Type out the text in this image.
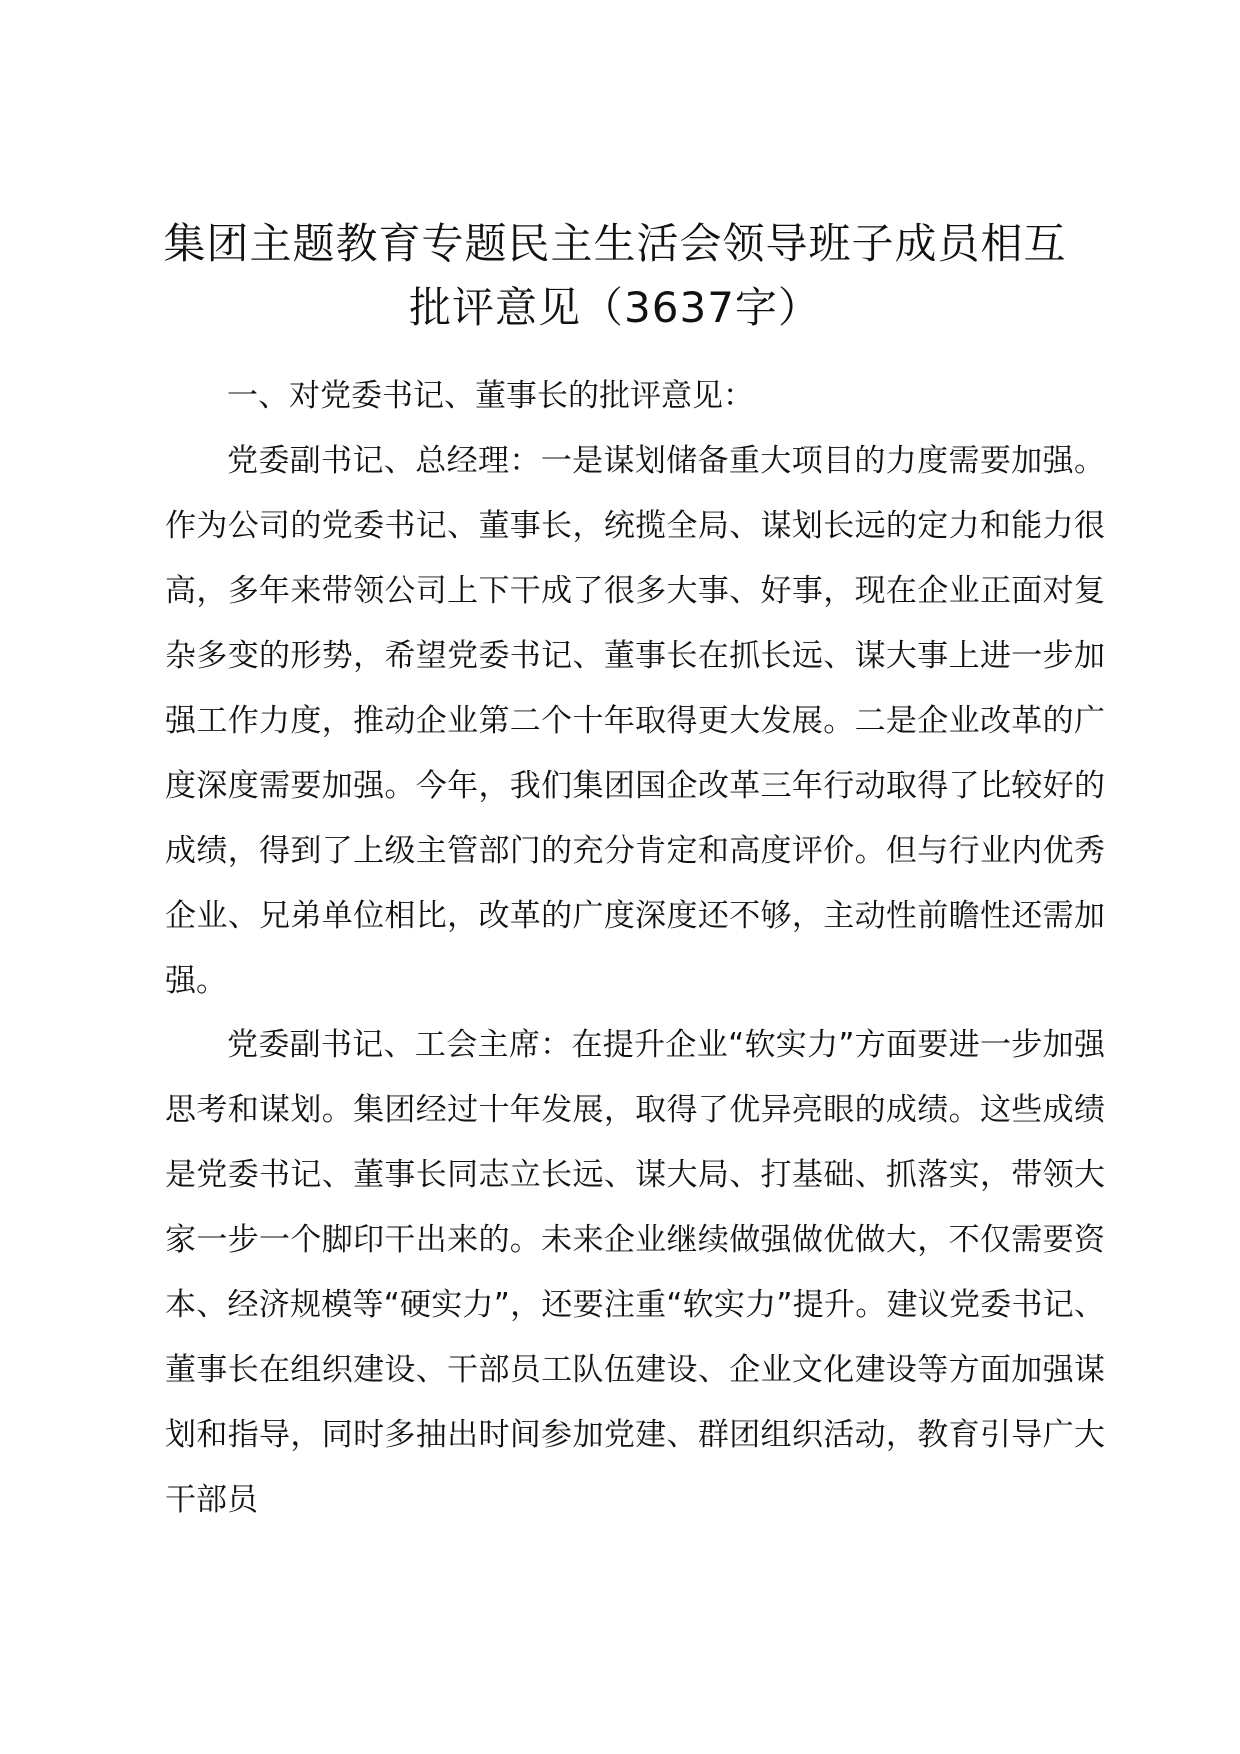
集团主题教育专题民主生活会领导班子成员相互批评意见（3637字）

一、对党委书记、董事长的批评意见：

党委副书记、总经理：一是谋划储备重大项目的力度需要加强。作为公司的党委书记、董事长，统揽全局、谋划长远的定力和能力很高，多年来带领公司上下干成了很多大事、好事，现在企业正面对复杂多变的形势，希望党委书记、董事长在抓长远、谋大事上进一步加强工作力度，推动企业第二个十年取得更大发展。二是企业改革的广度深度需要加强。今年，我们集团国企改革三年行动取得了比较好的成绩，得到了上级主管部门的充分肯定和高度评价。但与行业内优秀企业、兄弟单位相比，改革的广度深度还不够，主动性前瞻性还需加强。

党委副书记、工会主席：在提升企业“软实力”方面要进一步加强思考和谋划。集团经过十年发展，取得了优异亮眼的成绩。这些成绩是党委书记、董事长同志立长远、谋大局、打基础、抓落实，带领大家一步一个脚印干出来的。未来企业继续做强做优做大，不仅需要资本、经济规模等“硬实力”，还要注重“软实力”提升。建议党委书记、董事长在组织建设、干部员工队伍建设、企业文化建设等方面加强谋划和指导，同时多抽出时间参加党建、群团组织活动，教育引导广大干部员
